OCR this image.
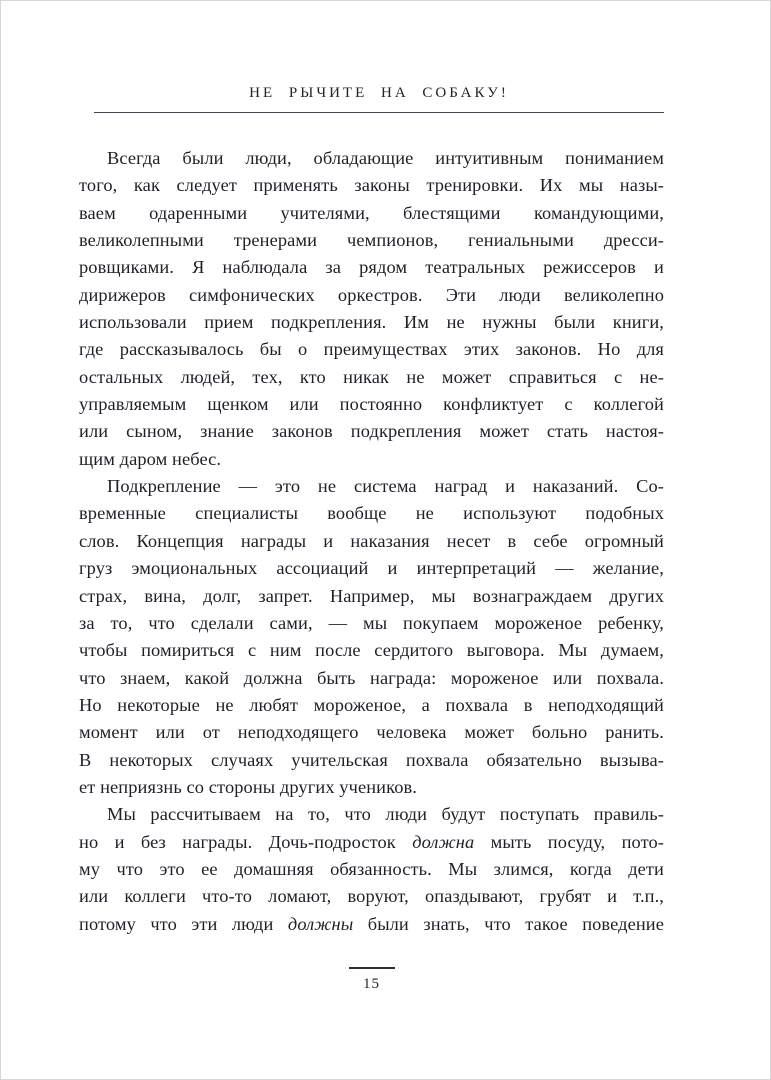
НЕ РЫЧИТЕ НА СОБАКУ!
Всегда были люди, обладающие интуитивным пониманием
того, как следует применять законы тренировки. Их мы назы-
ваем одаренными учителями, блестящими командующими,
великолепными тренерами чемпионов, гениальными дресси-
ровщиками. Я наблюдала за рядом театральных режиссеров и
дирижеров симфонических оркестров. Эти люди великолепно
использовали прием подкрепления. Им не нужны были книги,
где рассказывалось бы о преимуществах этих законов. Но для
остальных людей, тех, кто никак не может справиться с не-
управляемым щенком или постоянно конфликтует с коллегой
или сыном, знание законов подкрепления может стать настоя-
щим даром небес.
Подкрепление — это не система наград и наказаний. Со-
временные специалисты вообще не используют подобных
слов. Концепция награды и наказания несет в себе огромный
груз эмоциональных ассоциаций и интерпретаций — желание,
страх, вина, долг, запрет. Например, мы вознаграждаем других
за то, что сделали сами, — мы покупаем мороженое ребенку,
чтобы помириться с ним после сердитого выговора. Мы думаем,
что знаем, какой должна быть награда: мороженое или похвала.
Но некоторые не любят мороженое, а похвала в неподходящий
момент или от неподходящего человека может больно ранить.
В некоторых случаях учительская похвала обязательно вызыва-
ет неприязнь со стороны других учеников.
Мы рассчитываем на то, что люди будут поступать правиль-
но и без награды. Дочь-подросток должна мыть посуду, пото-
му что это ее домашняя обязанность. Мы злимся, когда дети
или коллеги что-то ломают, воруют, опаздывают, грубят и т.п.,
потому что эти люди должны были знать, что такое поведение
15
